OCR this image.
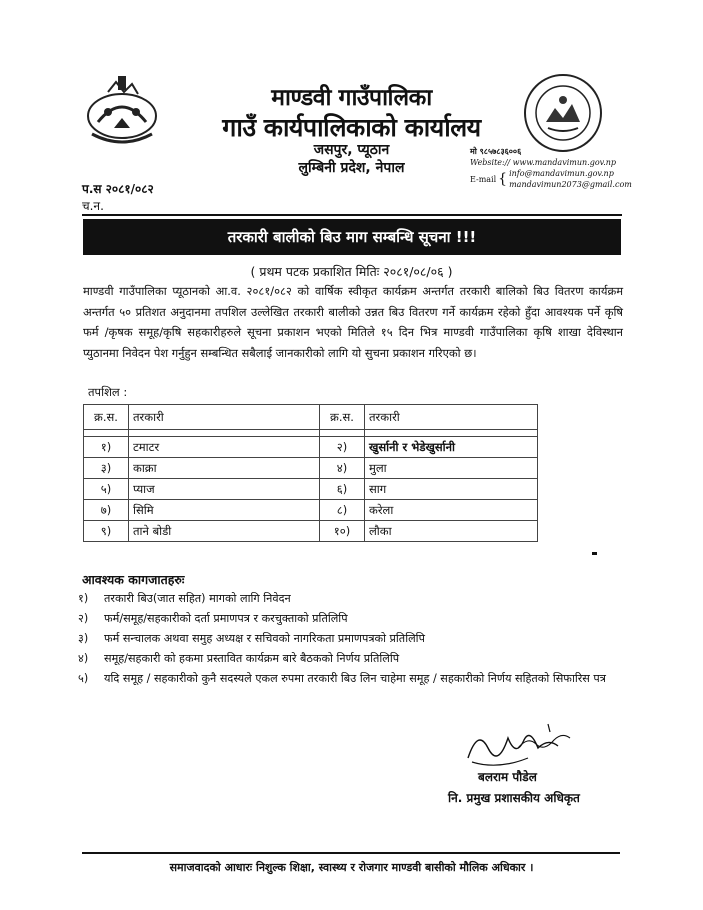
माण्डवी गाउँपालिका
गाउँ कार्यपालिकाको कार्यालय
जसपुर, प्यूठान
लुम्बिनी प्रदेश, नेपाल
मो ९८५७८३६००६
Website:// www.mandavimun.gov.np
E-mail { info@mandavimun.gov.np
mandavimun2073@gmail.com
प.स २०८१/०८२
च.न.
तरकारी बालीको बिउ माग सम्बन्धि सूचना !!!
( प्रथम पटक प्रकाशित मितिः २०८१/०८/०६ )
माण्डवी गाउँपालिका प्यूठानको आ.व. २०८१/०८२ को वार्षिक स्वीकृत कार्यक्रम अन्तर्गत तरकारी बालिको बिउ वितरण कार्यक्रम अन्तर्गत ५० प्रतिशत अनुदानमा तपशिल उल्लेखित तरकारी बालीको उन्नत बिउ वितरण गर्ने कार्यक्रम रहेको हुँदा आवश्यक पर्ने कृषि फर्म /कृषक समूह/कृषि सहकारीहरुले सूचना प्रकाशन भएको मितिले १५ दिन भित्र माण्डवी गाउँपालिका कृषि शाखा देविस्थान प्युठानमा निवेदन पेश गर्नुहुन सम्बन्धित सबैलाई जानकारीको लागि यो सुचना प्रकाशन गरिएको छ।
तपशिल :
क्र.स.	तरकारी	क्र.स.	तरकारी

१)	टमाटर	२)	खुर्सानी र भेडेखुर्सानी
३)	काक्रा	४)	मुला
५)	प्याज	६)	साग
७)	सिमि	८)	करेला
९)	ताने बोडी	१०)	लौका
आवश्यक कागजातहरुः
१)	तरकारी बिउ(जात सहित) मागको लागि निवेदन
२)	फर्म/समूह/सहकारीको दर्ता प्रमाणपत्र र करचुक्ताको प्रतिलिपि
३)	फर्म सन्चालक अथवा समुह अध्यक्ष र सचिवको नागरिकता प्रमाणपत्रको प्रतिलिपि
४)	समूह/सहकारी को हकमा प्रस्तावित कार्यक्रम बारे बैठकको निर्णय प्रतिलिपि
५)	यदि समूह / सहकारीको कुनै सदस्यले एकल रुपमा तरकारी बिउ लिन चाहेमा समूह / सहकारीको निर्णय सहितको सिफारिस पत्र
बलराम पौडेल
नि. प्रमुख प्रशासकीय अधिकृत
समाजवादको आधारः निशुल्क शिक्षा, स्वास्थ्य र रोजगार माण्डवी बासीको मौलिक अधिकार ।
